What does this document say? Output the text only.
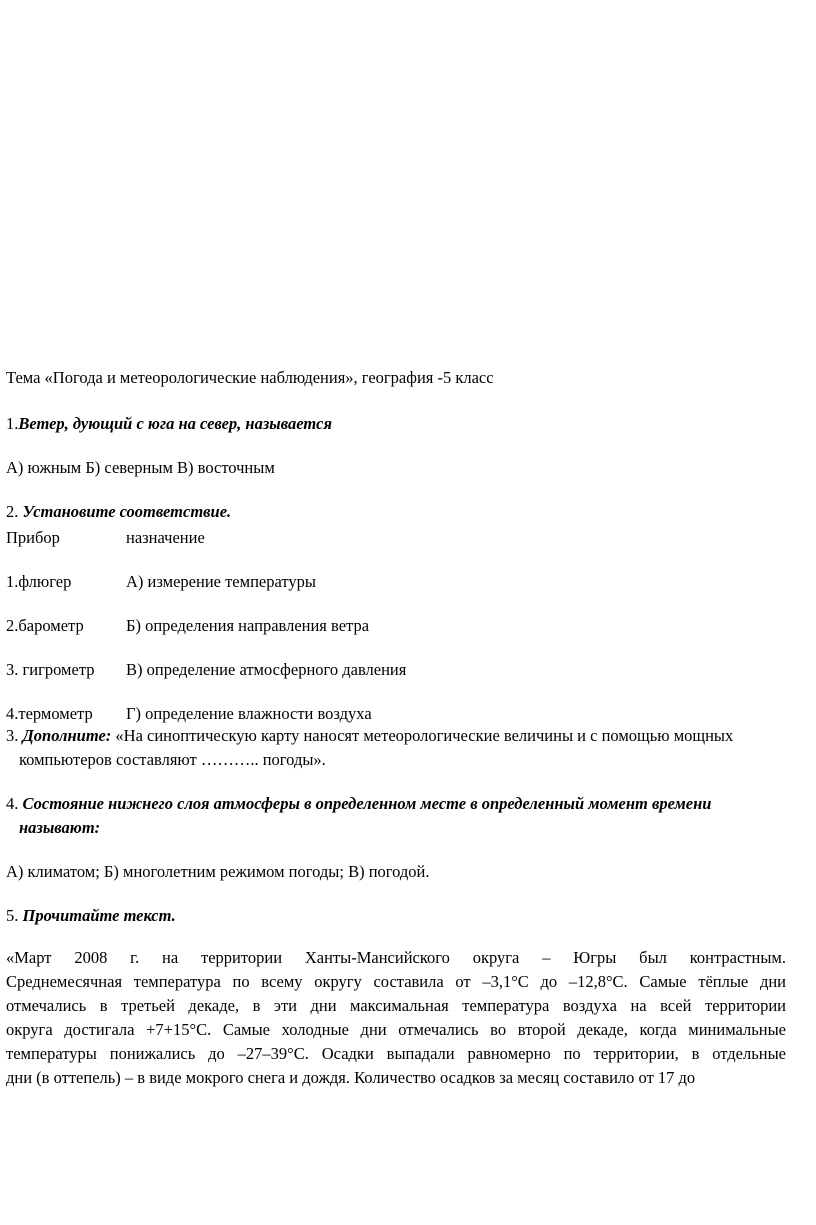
Тема «Погода и метеорологические наблюдения», география -5 класс
1.Ветер, дующий с юга на север, называется
А) южным Б) северным В) восточным
2. Установите соответствие.
Прибор	назначение
1.флюгер	А) измерение температуры
2.барометр	Б) определения направления ветра
3. гигрометр В) определение атмосферного давления
4.термометр Г) определение влажности воздуха
3. Дополните: «На синоптическую карту наносят метеорологические величины и с помощью мощных
компьютеров составляют ……….. погоды».
4. Состояние нижнего слоя атмосферы в определенном месте в определенный момент времени
называют:
А) климатом; Б) многолетним режимом погоды; В) погодой.
5. Прочитайте текст.
«Март 2008 г. на территории Ханты-Мансийского округа – Югры был контрастным.
Среднемесячная температура по всему округу составила от –3,1°С до –12,8°С. Самые тёплые дни
отмечались в третьей декаде, в эти дни максимальная температура воздуха на всей территории
округа достигала +7+15°С. Самые холодные дни отмечались во второй декаде, когда минимальные
температуры понижались до –27–39°С. Осадки выпадали равномерно по территории, в отдельные
дни (в оттепель) – в виде мокрого снега и дождя. Количество осадков за месяц составило от 17 до
